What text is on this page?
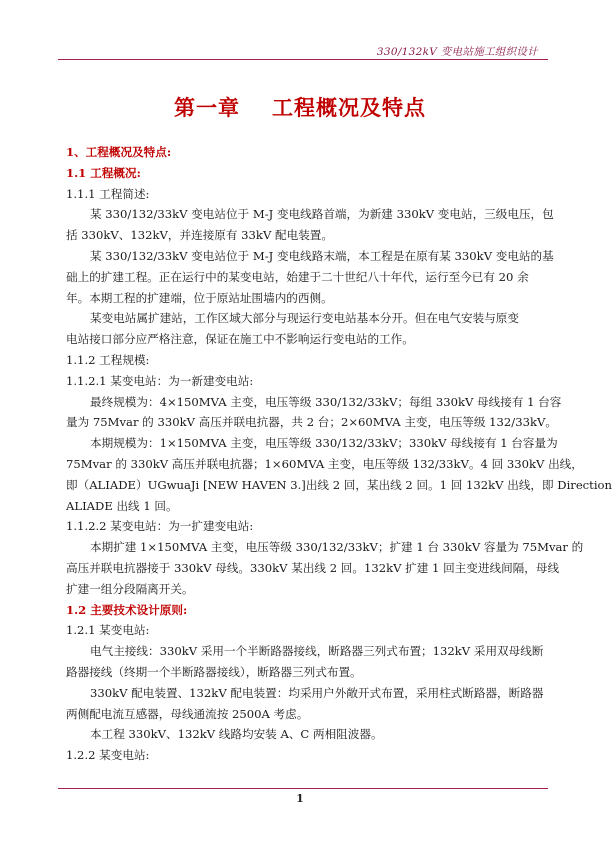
330/132kV 变电站施工组织设计
第一章 工程概况及特点
1、工程概况及特点:
1.1 工程概况:
1.1.1 工程简述:
某 330/132/33kV 变电站位于 M-J 变电线路首端，为新建 330kV 变电站，三级电压，包
括 330kV、132kV，并连接原有 33kV 配电装置。
某 330/132/33kV 变电站位于 M-J 变电线路末端，本工程是在原有某 330kV 变电站的基
础上的扩建工程。正在运行中的某变电站，始建于二十世纪八十年代，运行至今已有 20 余
年。本期工程的扩建端，位于原站址围墙内的西侧。
某变电站属扩建站，工作区域大部分与现运行变电站基本分开。但在电气安装与原变
电站接口部分应严格注意，保证在施工中不影响运行变电站的工作。
1.1.2 工程规模:
1.1.2.1 某变电站：为一新建变电站:
最终规模为：4×150MVA 主变，电压等级 330/132/33kV；每组 330kV 母线接有 1 台容
量为 75Mvar 的 330kV 高压并联电抗器，共 2 台；2×60MVA 主变，电压等级 132/33kV。
本期规模为：1×150MVA 主变，电压等级 330/132/33kV；330kV 母线接有 1 台容量为
75Mvar 的 330kV 高压并联电抗器；1×60MVA 主变，电压等级 132/33kV。4 回 330kV 出线，
即（ALIADE）UGwuaJi [NEW HAVEN 3.]出线 2 回，某出线 2 回。1 回 132kV 出线，即 Direction
ALIADE 出线 1 回。
1.1.2.2 某变电站：为一扩建变电站:
本期扩建 1×150MVA 主变，电压等级 330/132/33kV；扩建 1 台 330kV 容量为 75Mvar 的
高压并联电抗器接于 330kV 母线。330kV 某出线 2 回。132kV 扩建 1 回主变进线间隔，母线
扩建一组分段隔离开关。
1.2 主要技术设计原则:
1.2.1 某变电站:
电气主接线：330kV 采用一个半断路器接线，断路器三列式布置；132kV 采用双母线断
路器接线（终期一个半断路器接线），断路器三列式布置。
330kV 配电装置、132kV 配电装置：均采用户外敞开式布置，采用柱式断路器，断路器
两侧配电流互感器，母线通流按 2500A 考虑。
本工程 330kV、132kV 线路均安装 A、C 两相阻波器。
1.2.2 某变电站:
1
